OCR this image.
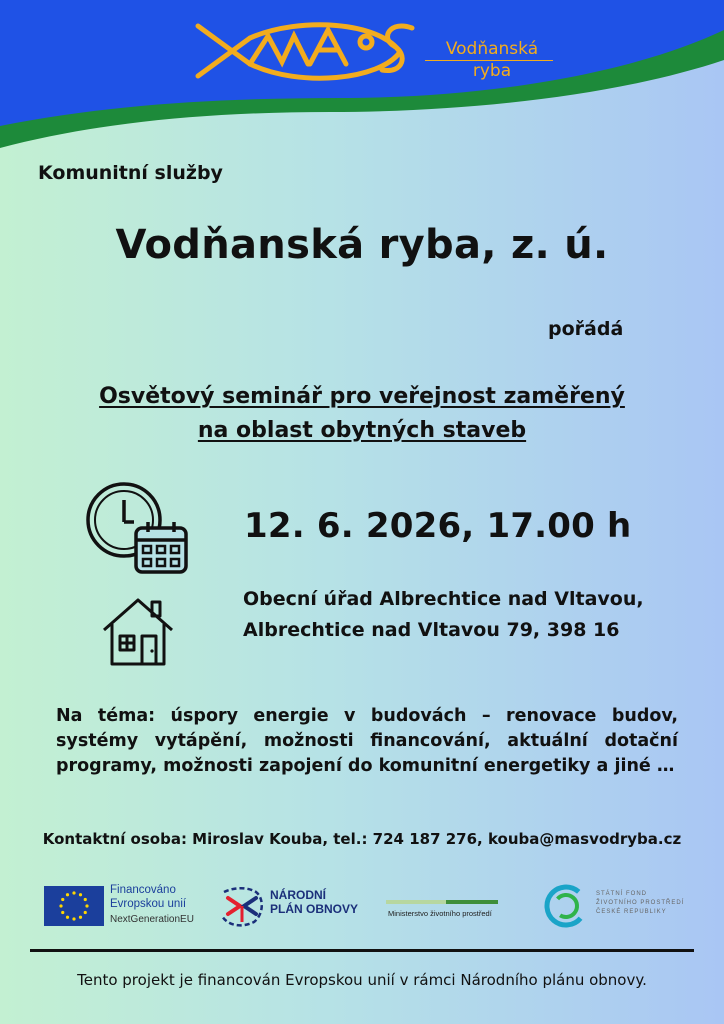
Vodňanská
ryba
Komunitní služby
Vodňanská ryba, z. ú.
pořádá
Osvětový seminář pro veřejnost zaměřený
na oblast obytných staveb
12. 6. 2026, 17.00 h
Obecní úřad Albrechtice nad Vltavou,
Albrechtice nad Vltavou 79, 398 16
Na téma: úspory energie v budovách – renovace budov, systémy vytápění, možnosti financování, aktuální dotační programy, možnosti zapojení do komunitní energetiky a jiné …
Kontaktní osoba: Miroslav Kouba, tel.: 724 187 276, kouba@masvodryba.cz
Financováno
Evropskou unií
NextGenerationEU
NÁRODNÍ
PLÁN OBNOVY	Ministerstvo životního prostředí
STÁTNÍ FOND
ŽIVOTNÍHO PROSTŘEDÍ
ČESKÉ REPUBLIKY
Tento projekt je financován Evropskou unií v rámci Národního plánu obnovy.
